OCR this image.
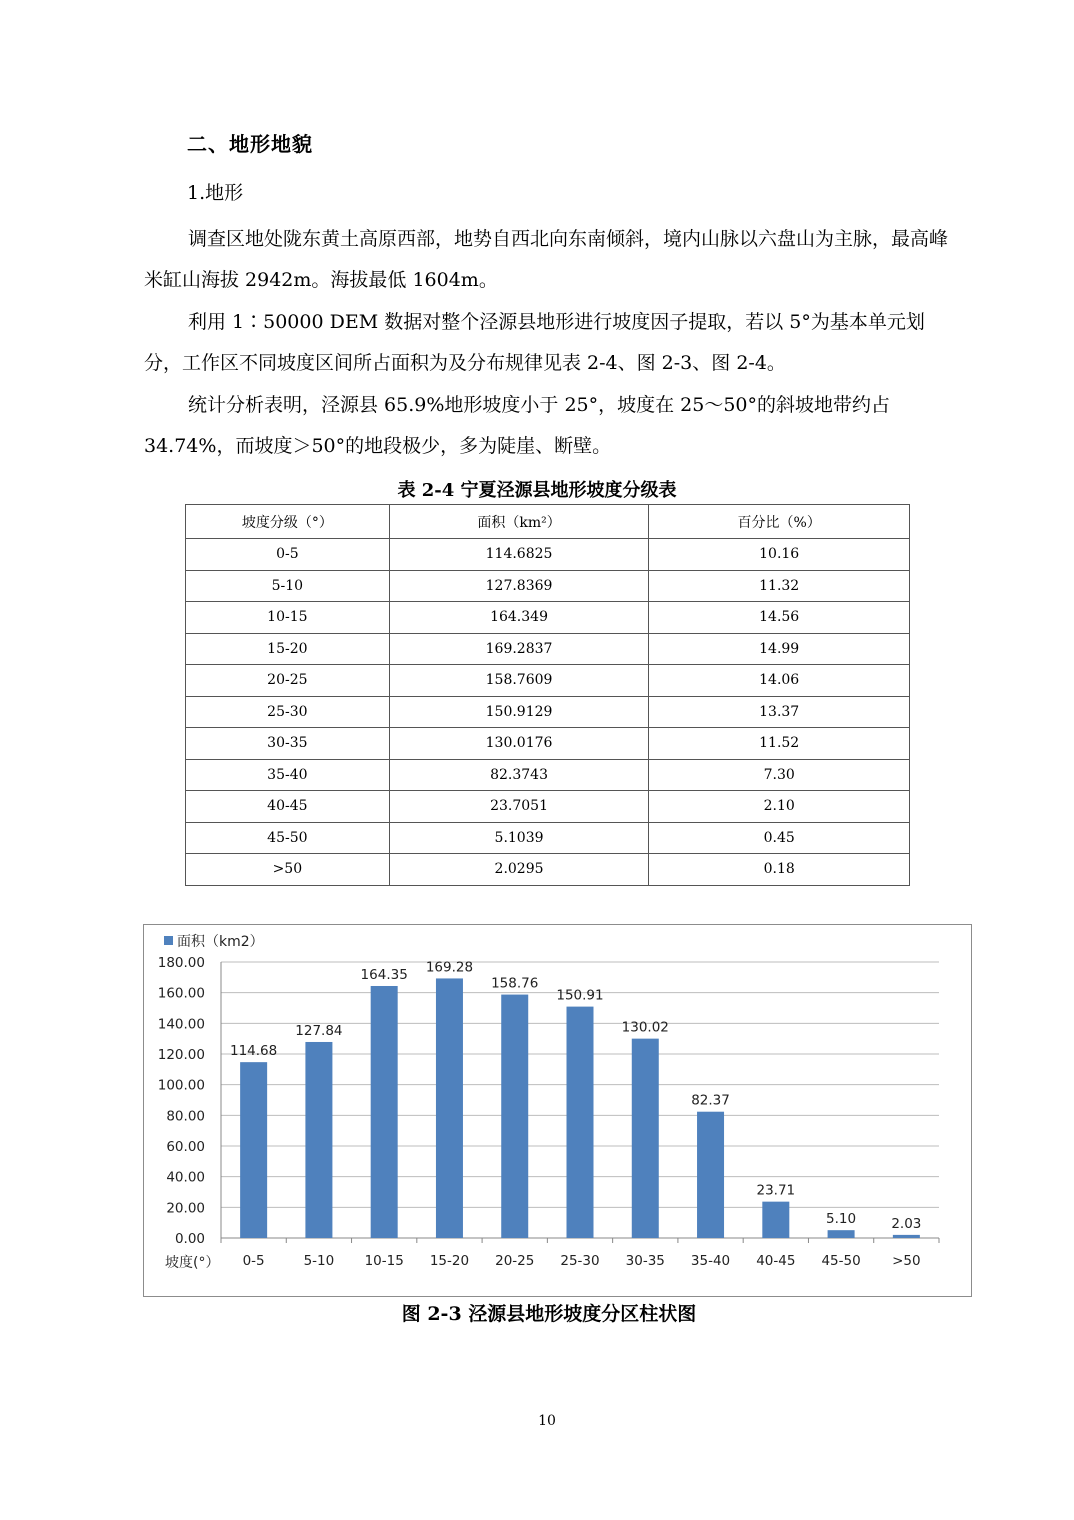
二、地形地貌

1.地形

调查区地处陇东黄土高原西部，地势自西北向东南倾斜，境内山脉以六盘山为主脉，最高峰米缸山海拔 2942m。海拔最低 1604m。

利用 1∶50000 DEM 数据对整个泾源县地形进行坡度因子提取，若以 5°为基本单元划分，工作区不同坡度区间所占面积为及分布规律见表 2-4、图 2-3、图 2-4。

统计分析表明，泾源县 65.9%地形坡度小于 25°，坡度在 25～50°的斜坡地带约占 34.74%，而坡度＞50°的地段极少，多为陡崖、断壁。

表 2-4 宁夏泾源县地形坡度分级表
坡度分级（°）	面积（km²）	百分比（%）
0-5	114.6825	10.16
5-10	127.8369	11.32
10-15	164.349	14.56
15-20	169.2837	14.99
20-25	158.7609	14.06
25-30	150.9129	13.37
30-35	130.0176	11.52
35-40	82.3743	7.30
40-45	23.7051	2.10
45-50	5.1039	0.45
>50	2.0295	0.18
面积（km2）
0.00
20.00
40.00
60.00
80.00
100.00
120.00
140.00
160.00
180.00
114.68
0-5
127.84
5-10
164.35
10-15
169.28
15-20
158.76
20-25
150.91
25-30
130.02
30-35
82.37
35-40
23.71
40-45
5.10
45-50
2.03
>50
坡度(°）
图 2-3 泾源县地形坡度分区柱状图
10
